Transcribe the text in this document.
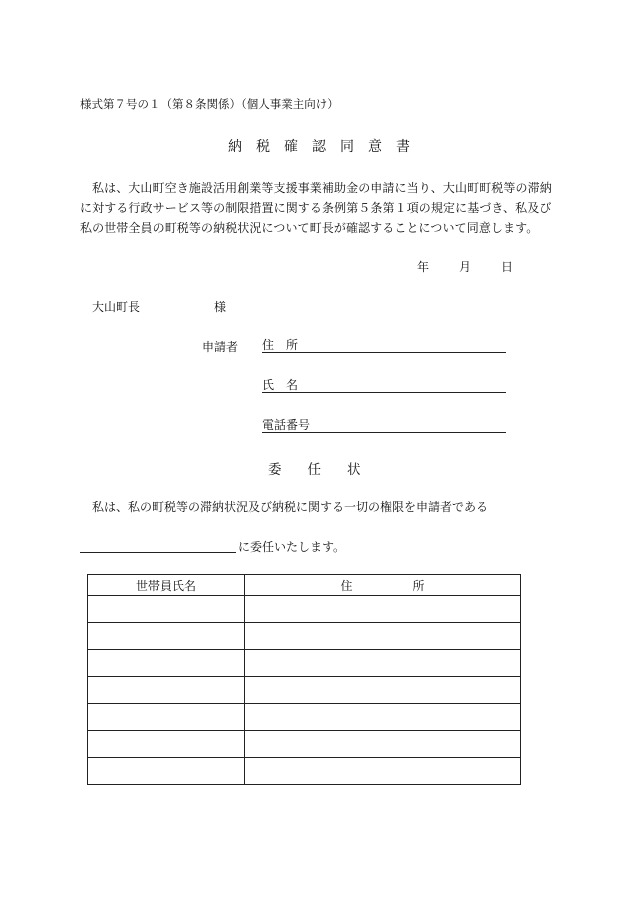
様式第７号の１（第８条関係）（個人事業主向け）
納税確認同意書
私は、大山町空き施設活用創業等支援事業補助金の申請に当り、大山町町税等の滞納に対する行政サービス等の制限措置に関する条例第５条第１項の規定に基づき、私及び私の世帯全員の町税等の納税状況について町長が確認することについて同意します。
年	月	日
大山町長	様
申請者 住　所
氏　名
電話番号
委任状
私は、私の町税等の滞納状況及び納税に関する一切の権限を申請者である
に委任いたします。
世帯員氏名	住所
